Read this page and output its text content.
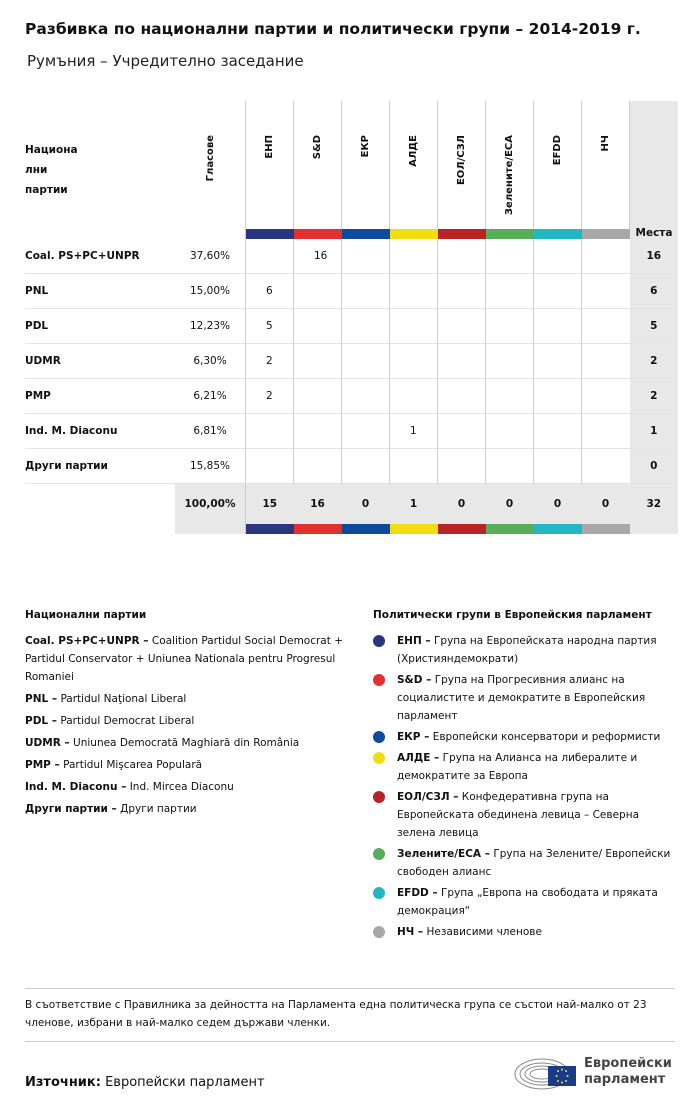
Разбивка по национални партии и политически групи – 2014-2019 г.
Румъния – Учредително заседание
Национа лни партии	Гласове	ЕНП	S&D	ЕКР	АЛДЕ	ЕОЛ/СЗЛ	Зелените/ЕСА	EFDD	НЧ	Места

Coal. PS+PC+UNPR	37,60%		16							16
PNL	15,00%	6								6
PDL	12,23%	5								5
UDMR	6,30%	2								2
PMP	6,21%	2								2
Ind. M. Diaconu	6,81%				1					1
Други партии	15,85%									0
	100,00%	15	16	0	1	0	0	0	0	32

Национални партии
Coal. PS+PC+UNPR – Coalition Partidul Social Democrat + Partidul Conservator + Uniunea Nationala pentru Progresul Romaniei
PNL – Partidul Naţional Liberal
PDL – Partidul Democrat Liberal
UDMR – Uniunea Democrată Maghiară din România
PMP – Partidul Mişcarea Populară
Ind. M. Diaconu – Ind. Mircea Diaconu
Други партии – Други партии
Политически групи в Европейския парламент
ЕНП – Група на Европейската народна партия (Християндемократи)
S&D – Група на Прогресивния алианс на социалистите и демократите в Европейския парламент
ЕКР – Европейски консерватори и реформисти
АЛДЕ – Група на Алианса на либералите и демократите за Европа
ЕОЛ/СЗЛ – Конфедеративна група на Европейската обединена левица – Северна зелена левица
Зелените/ЕСА – Група на Зелените/ Европейски свободен алианс
EFDD – Група „Европа на свободата и пряката демокрация“
НЧ – Независими членове
В съответствие с Правилника за дейността на Парламента една политическа група се състои най-малко от 23 членове, избрани в най-малко седем държави членки.
Източник: Европейски парламент
Европейски
парламент
